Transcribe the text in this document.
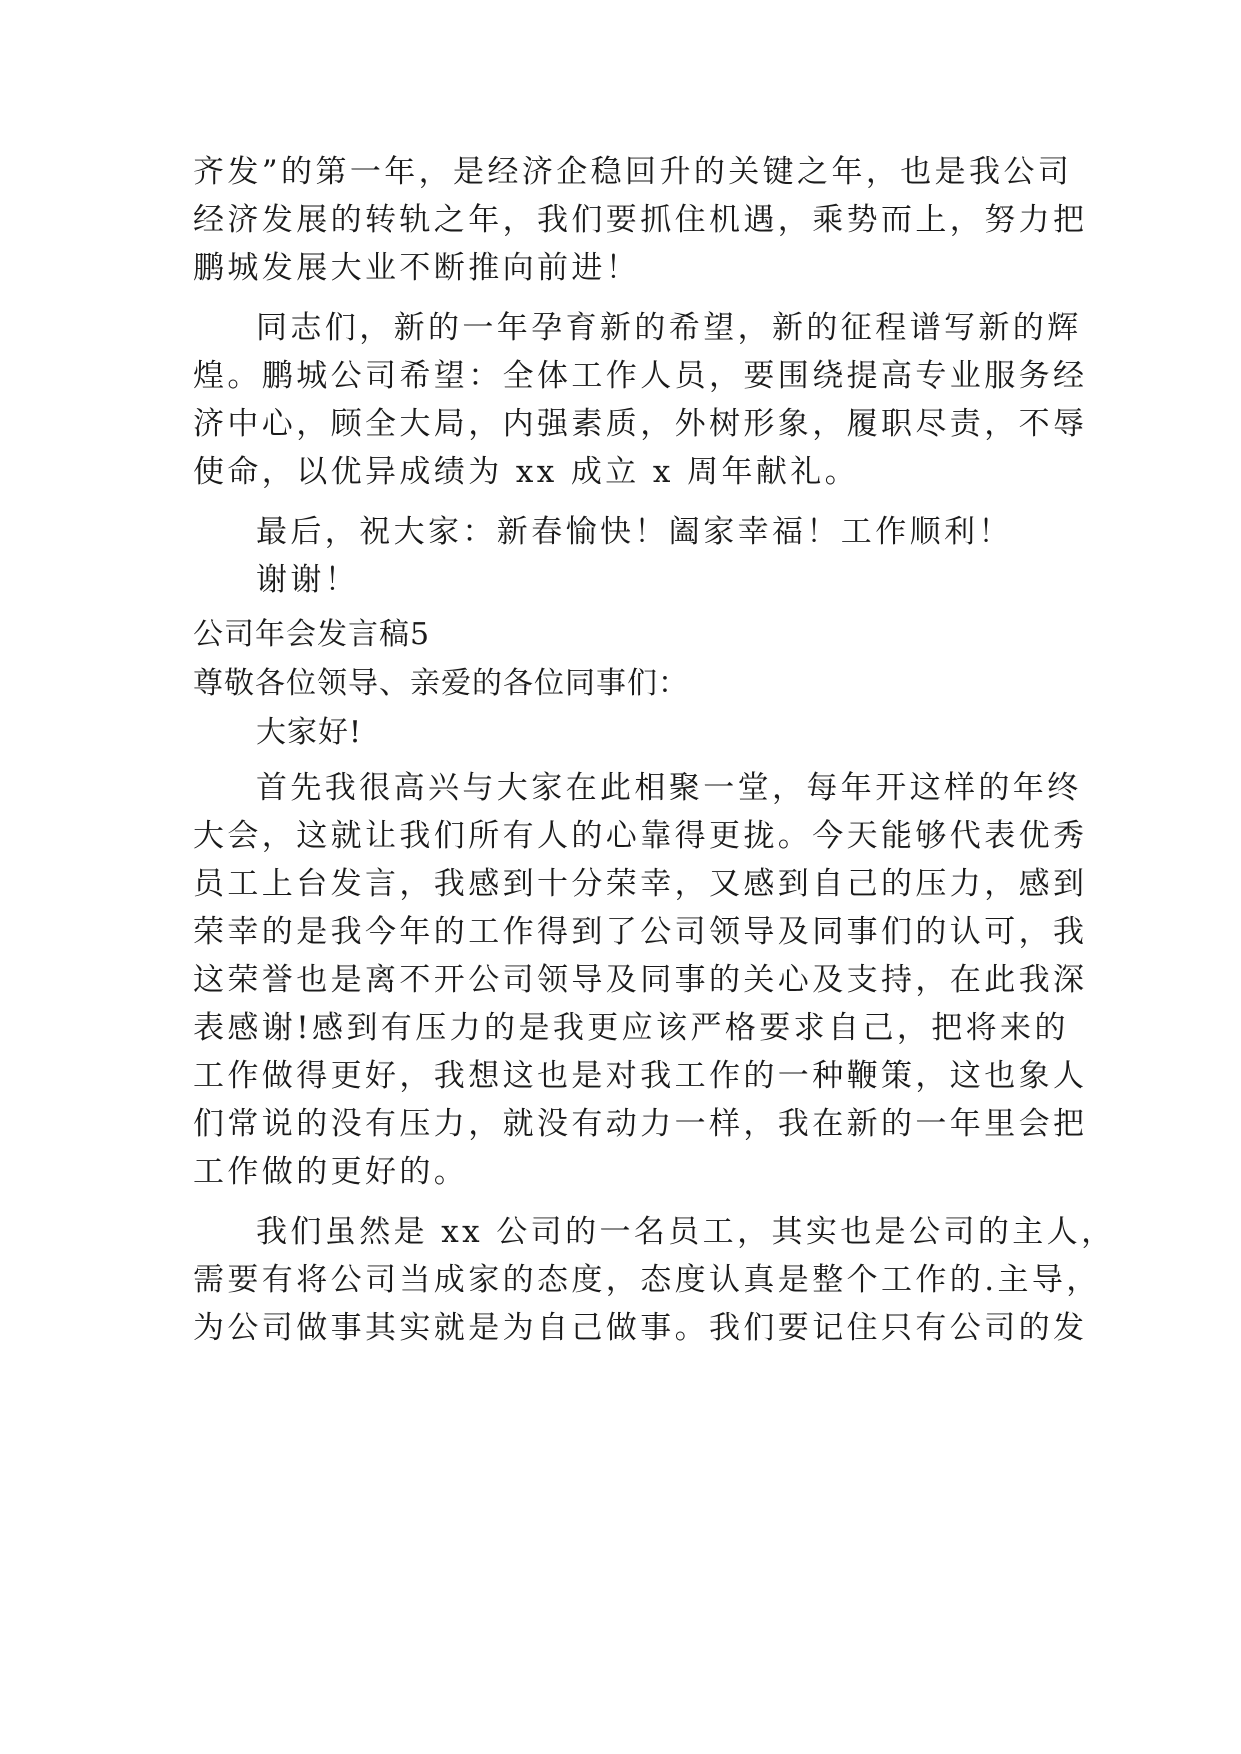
齐发”的第一年，是经济企稳回升的关键之年，也是我公司
经济发展的转轨之年，我们要抓住机遇，乘势而上，努力把
鹏城发展大业不断推向前进！
同志们，新的一年孕育新的希望，新的征程谱写新的辉
煌。鹏城公司希望：全体工作人员，要围绕提高专业服务经
济中心，顾全大局，内强素质，外树形象，履职尽责，不辱
使命，以优异成绩为 xx 成立 x 周年献礼。
最后，祝大家：新春愉快！阖家幸福！工作顺利！
谢谢！
公司年会发言稿5
尊敬各位领导、亲爱的各位同事们：
大家好!
首先我很高兴与大家在此相聚一堂，每年开这样的年终
大会，这就让我们所有人的心靠得更拢。今天能够代表优秀
员工上台发言，我感到十分荣幸，又感到自己的压力，感到
荣幸的是我今年的工作得到了公司领导及同事们的认可，我
这荣誉也是离不开公司领导及同事的关心及支持，在此我深
表感谢!感到有压力的是我更应该严格要求自己，把将来的
工作做得更好，我想这也是对我工作的一种鞭策，这也象人
们常说的没有压力，就没有动力一样，我在新的一年里会把
工作做的更好的。
我们虽然是 xx 公司的一名员工，其实也是公司的主人，
需要有将公司当成家的态度，态度认真是整个工作的.主导，
为公司做事其实就是为自己做事。我们要记住只有公司的发
